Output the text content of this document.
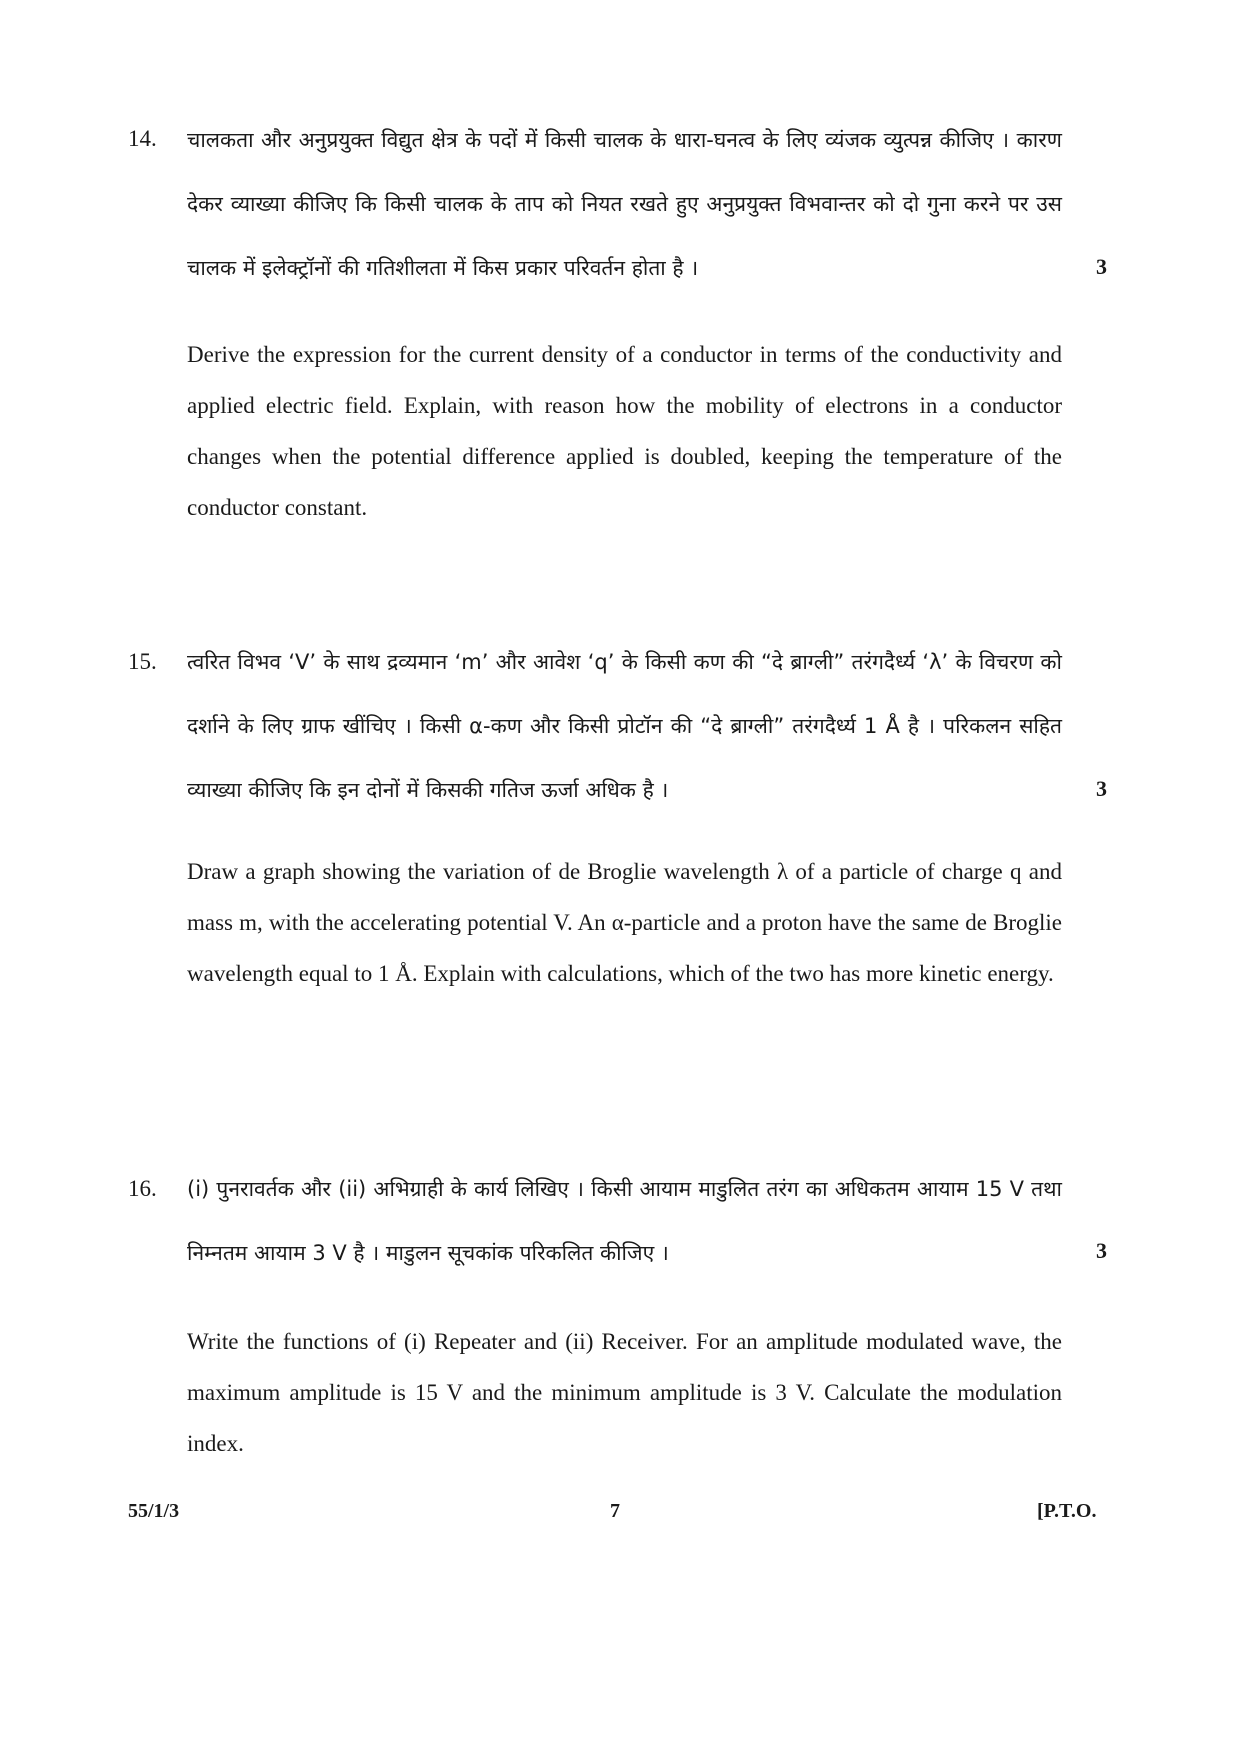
14. चालकता और अनुप्रयुक्त विद्युत क्षेत्र के पदों में किसी चालक के धारा-घनत्व के लिए व्यंजक व्युत्पन्न कीजिए । कारण देकर व्याख्या कीजिए कि किसी चालक के ताप को नियत रखते हुए अनुप्रयुक्त विभवान्तर को दो गुना करने पर उस चालक में इलेक्ट्रॉनों की गतिशीलता में किस प्रकार परिवर्तन होता है ।	3
Derive the expression for the current density of a conductor in terms of the conductivity and applied electric field. Explain, with reason how the mobility of electrons in a conductor changes when the potential difference applied is doubled, keeping the temperature of the conductor constant.
15. त्वरित विभव ‘V’ के साथ द्रव्यमान ‘m’ और आवेश ‘q’ के किसी कण की “दे ब्राग्ली” तरंगदैर्ध्य ‘λ’ के विचरण को दर्शाने के लिए ग्राफ खींचिए । किसी α-कण और किसी प्रोटॉन की “दे ब्राग्ली” तरंगदैर्ध्य 1 Å है । परिकलन सहित व्याख्या कीजिए कि इन दोनों में किसकी गतिज ऊर्जा अधिक है ।	3
Draw a graph showing the variation of de Broglie wavelength λ of a particle of charge q and mass m, with the accelerating potential V. An α-particle and a proton have the same de Broglie wavelength equal to 1 Å. Explain with calculations, which of the two has more kinetic energy.
16. (i) पुनरावर्तक और (ii) अभिग्राही के कार्य लिखिए । किसी आयाम माडुलित तरंग का अधिकतम आयाम 15 V तथा निम्नतम आयाम 3 V है । माडुलन सूचकांक परिकलित कीजिए ।	3
Write the functions of (i) Repeater and (ii) Receiver. For an amplitude modulated wave, the maximum amplitude is 15 V and the minimum amplitude is 3 V. Calculate the modulation index.
55/1/3	7	[P.T.O.
